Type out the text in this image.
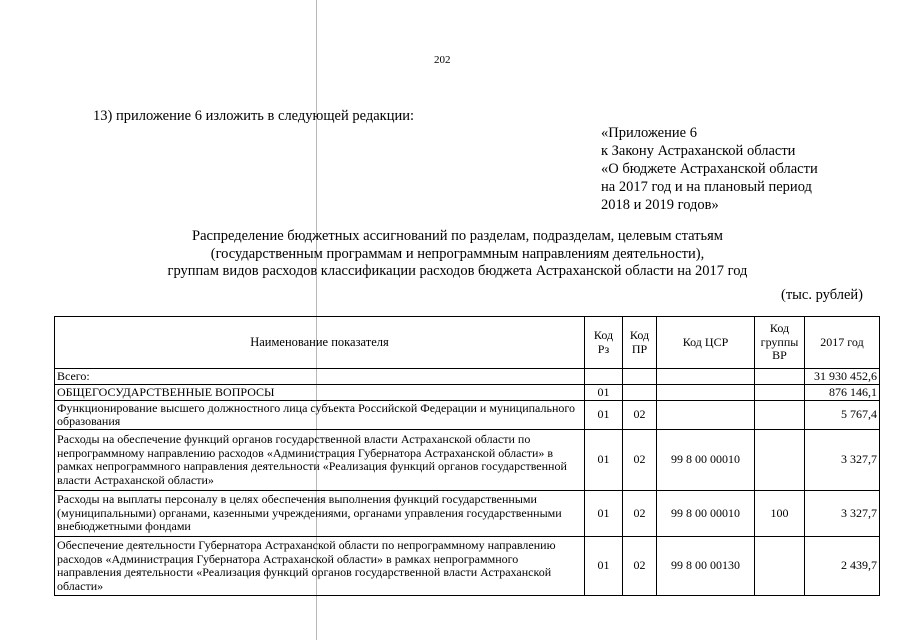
202
13) приложение 6 изложить в следующей редакции:
«Приложение 6
к Закону Астраханской области
«О бюджете Астраханской области
на 2017 год и на плановый период
2018 и 2019 годов»
Распределение бюджетных ассигнований по разделам, подразделам, целевым статьям
(государственным программам и непрограммным направлениям деятельности),
группам видов расходов классификации расходов бюджета Астраханской области на 2017 год
(тыс. рублей)
Наименование показателя	Код Рз	Код ПР	Код ЦСР	Код группы ВР	2017 год
Всего:					31 930 452,6
ОБЩЕГОСУДАРСТВЕННЫЕ ВОПРОСЫ	01				876 146,1
Функционирование высшего должностного лица субъекта Российской Федерации и муниципального образования	01	02			5 767,4
Расходы на обеспечение функций органов государственной власти Астраханской области по непрограммному направлению расходов «Администрация Губернатора Астраханской области» в рамках непрограммного направления деятельности «Реализация функций органов государственной власти Астраханской области»	01	02	99 8 00 00010		3 327,7
Расходы на выплаты персоналу в целях обеспечения выполнения функций государственными (муниципальными) органами, казенными учреждениями, органами управления государственными внебюджетными фондами	01	02	99 8 00 00010	100	3 327,7
Обеспечение деятельности Губернатора Астраханской области по непрограммному направлению расходов «Администрация Губернатора Астраханской области» в рамках непрограммного направления деятельности «Реализация функций органов государственной власти Астраханской области»	01	02	99 8 00 00130		2 439,7
